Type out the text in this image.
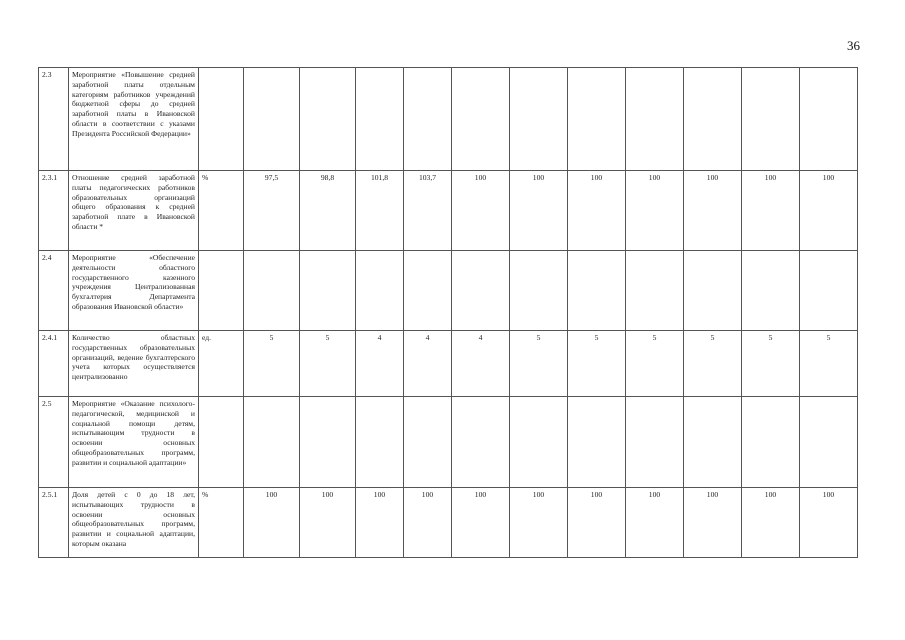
36
2.3	Мероприятие «Повышение средней заработной платы отдельным категориям работников учреждений бюджетной сферы до средней заработной платы в Ивановской области в соответствии с указами Президента Российской Федерации»												
2.3.1	Отношение средней заработной платы педагогических работников образовательных организаций общего образования к средней заработной плате в Ивановской области *	%	97,5	98,8	101,8	103,7	100	100	100	100	100	100	100
2.4	Мероприятие «Обеспечение деятельности областного государственного казенного учреждения Централизованная бухгалтерия Департамента образования Ивановской области»												
2.4.1	Количество областных государственных образовательных организаций, ведение бухгалтерского учета которых осуществляется централизованно	ед.	5	5	4	4	4	5	5	5	5	5	5
2.5	Мероприятие «Оказание психолого-педагогической, медицинской и социальной помощи детям, испытывающим трудности в освоении основных общеобразовательных программ, развитии и социальной адаптации»												
2.5.1	Доля детей с 0 до 18 лет, испытывающих трудности в освоении основных общеобразовательных программ, развитии и социальной адаптации, которым оказана	%	100	100	100	100	100	100	100	100	100	100	100
